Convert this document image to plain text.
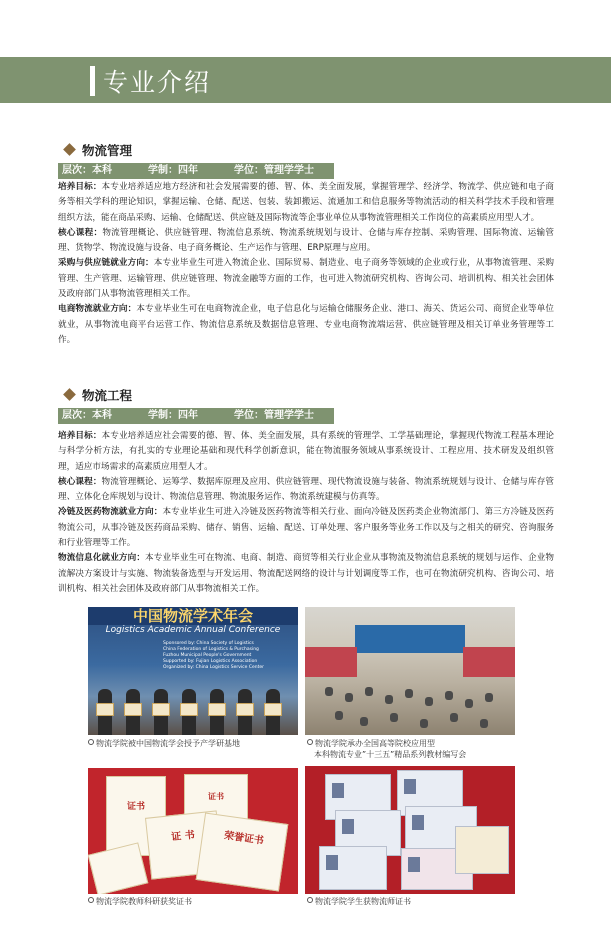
专业介绍
物流管理
层次：本科	学制：四年	学位：管理学学士
培养目标：本专业培养适应地方经济和社会发展需要的德、智、体、美全面发展，掌握管理学、经济学、物流学、供应链和电子商务等相关学科的理论知识，掌握运输、仓储、配送、包装、装卸搬运、流通加工和信息服务等物流活动的相关科学技术手段和管理组织方法，能在商品采购、运输、仓储配送、供应链及国际物流等企事业单位从事物流管理相关工作岗位的高素质应用型人才。
核心课程：物流管理概论、供应链管理、物流信息系统、物流系统规划与设计、仓储与库存控制、采购管理、国际物流、运输管理、货物学、物流设施与设备、电子商务概论、生产运作与管理、ERP原理与应用。
采购与供应链就业方向：本专业毕业生可进入物流企业、国际贸易、制造业、电子商务等领域的企业或行业，从事物流管理、采购管理、生产管理、运输管理、供应链管理、物流金融等方面的工作，也可进入物流研究机构、咨询公司、培训机构、相关社会团体及政府部门从事物流管理相关工作。
电商物流就业方向：本专业毕业生可在电商物流企业，电子信息化与运输仓储服务企业、港口、海关、货运公司、商贸企业等单位就业，从事物流电商平台运营工作、物流信息系统及数据信息管理、专业电商物流端运营、供应链管理及相关订单业务管理等工作。
物流工程
层次：本科	学制：四年	学位：管理学学士
培养目标：本专业培养适应社会需要的德、智、体、美全面发展，具有系统的管理学、工学基础理论，掌握现代物流工程基本理论与科学分析方法，有扎实的专业理论基础和现代科学创新意识，能在物流服务领域从事系统设计、工程应用、技术研发及组织管理，适应市场需求的高素质应用型人才。
核心课程：物流管理概论、运筹学、数据库原理及应用、供应链管理、现代物流设施与装备、物流系统规划与设计、仓储与库存管理、立体化仓库规划与设计、物流信息管理、物流服务运作、物流系统建模与仿真等。
冷链及医药物流就业方向：本专业毕业生可进入冷链及医药物流等相关行业、面向冷链及医药类企业物流部门、第三方冷链及医药物流公司，从事冷链及医药商品采购、储存、销售、运输、配送、订单处理、客户服务等业务工作以及与之相关的研究、咨询服务和行业管理等工作。
物流信息化就业方向：本专业毕业生可在物流、电商、制造、商贸等相关行业企业从事物流及物流信息系统的规划与运作、企业物流解决方案设计与实施、物流装备选型与开发运用、物流配送网络的设计与计划调度等工作，也可在物流研究机构、咨询公司、培训机构、相关社会团体及政府部门从事物流相关工作。
中国物流学术年会
Logistics Academic Annual Conference
Sponsored by: China Society of Logistics
China Federation of Logistics & Purchasing
Fuzhou Municipal People's Government
Supported by: Fujian Logistics Association
Organized by: China Logistics Service Center
物流学院被中国物流学会授予产学研基地	物流学院承办全国高等院校应用型
本科物流专业”十三五”精品系列教材编写会
证书
证书
证 书	荣誉证书
物流学院教师科研获奖证书	物流学院学生获物流师证书
